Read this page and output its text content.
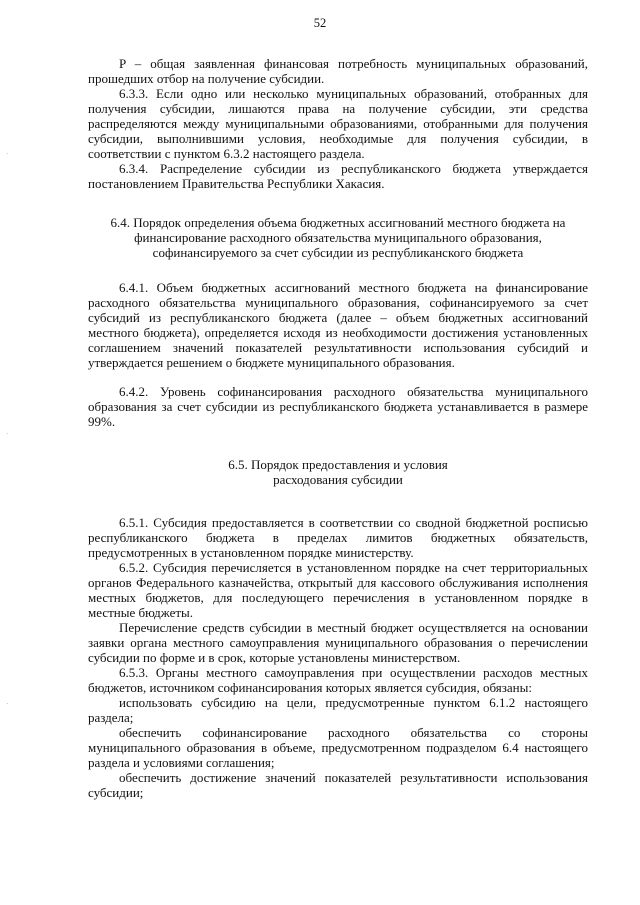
52

P – общая заявленная финансовая потребность муниципальных образований, прошедших отбор на получение субсидии.

6.3.3. Если одно или несколько муниципальных образований, отобранных для получения субсидии, лишаются права на получение субсидии, эти средства распределяются между муниципальными образованиями, отобранными для получения субсидии, выполнившими условия, необходимые для получения субсидии, в соответствии с пунктом 6.3.2 настоящего раздела.

6.3.4. Распределение субсидии из республиканского бюджета утверждается постановлением Правительства Республики Хакасия.

6.4. Порядок определения объема бюджетных ассигнований местного бюджета на
финансирование расходного обязательства муниципального образования,
софинансируемого за счет субсидии из республиканского бюджета

6.4.1. Объем бюджетных ассигнований местного бюджета на финансирование расходного обязательства муниципального образования, софинансируемого за счет субсидий из республиканского бюджета (далее – объем бюджетных ассигнований местного бюджета), определяется исходя из необходимости достижения установленных соглашением значений показателей результативности использования субсидий и утверждается решением о бюджете муниципального образования.

6.4.2. Уровень софинансирования расходного обязательства муниципального образования за счет субсидии из республиканского бюджета устанавливается в размере 99%.

6.5. Порядок предоставления и условия
расходования субсидии

6.5.1. Субсидия предоставляется в соответствии со сводной бюджетной росписью республиканского бюджета в пределах лимитов бюджетных обязательств, предусмотренных в установленном порядке министерству.

6.5.2. Субсидия перечисляется в установленном порядке на счет территориальных органов Федерального казначейства, открытый для кассового обслуживания исполнения местных бюджетов, для последующего перечисления в установленном порядке в местные бюджеты.

Перечисление средств субсидии в местный бюджет осуществляется на основании заявки органа местного самоуправления муниципального образования о перечислении субсидии по форме и в срок, которые установлены министерством.

6.5.3. Органы местного самоуправления при осуществлении расходов местных бюджетов, источником софинансирования которых является субсидия, обязаны:

использовать субсидию на цели, предусмотренные пунктом 6.1.2 настоящего раздела;

обеспечить софинансирование расходного обязательства со стороны муниципального образования в объеме, предусмотренном подразделом 6.4 настоящего раздела и условиями соглашения;

обеспечить достижение значений показателей результативности использования субсидии;

·
·
·
